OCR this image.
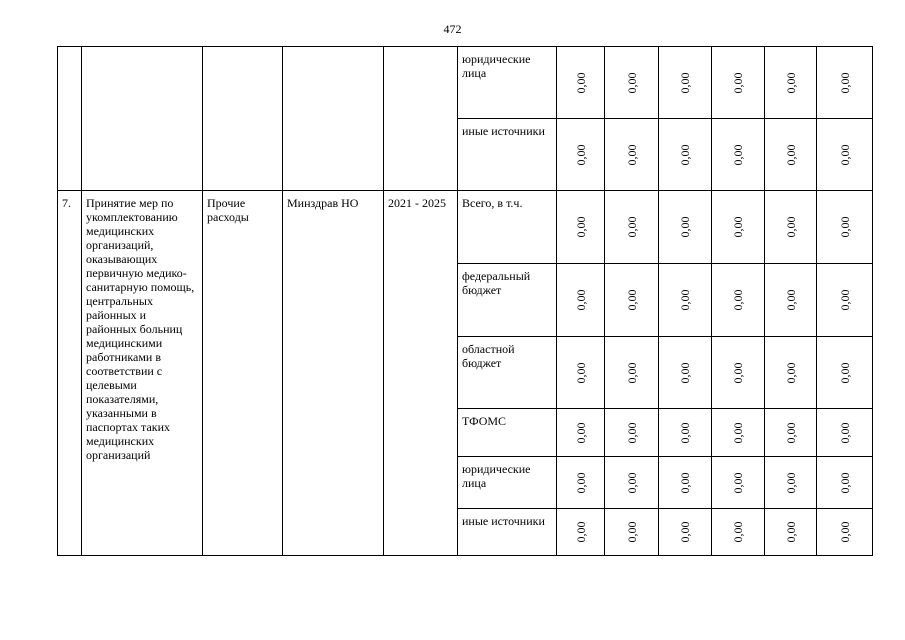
472

					юридические лица	0,00	0,00	0,00	0,00	0,00	0,00

					иные источники	0,00	0,00	0,00	0,00	0,00	0,00

7.	Принятие мер по укомплектованию медицинских организаций, оказывающих первичную медико-санитарную помощь, центральных районных и районных больниц медицинскими работниками в соответствии с целевыми показателями, указанными в паспортах таких медицинских организаций	Прочие расходы	Минздрав НО	2021 - 2025	Всего, в т.ч.	0,00	0,00	0,00	0,00	0,00	0,00

					федеральный бюджет	0,00	0,00	0,00	0,00	0,00	0,00

					областной бюджет	0,00	0,00	0,00	0,00	0,00	0,00

					ТФОМС	0,00	0,00	0,00	0,00	0,00	0,00

					юридические лица	0,00	0,00	0,00	0,00	0,00	0,00

					иные источники	0,00	0,00	0,00	0,00	0,00	0,00
